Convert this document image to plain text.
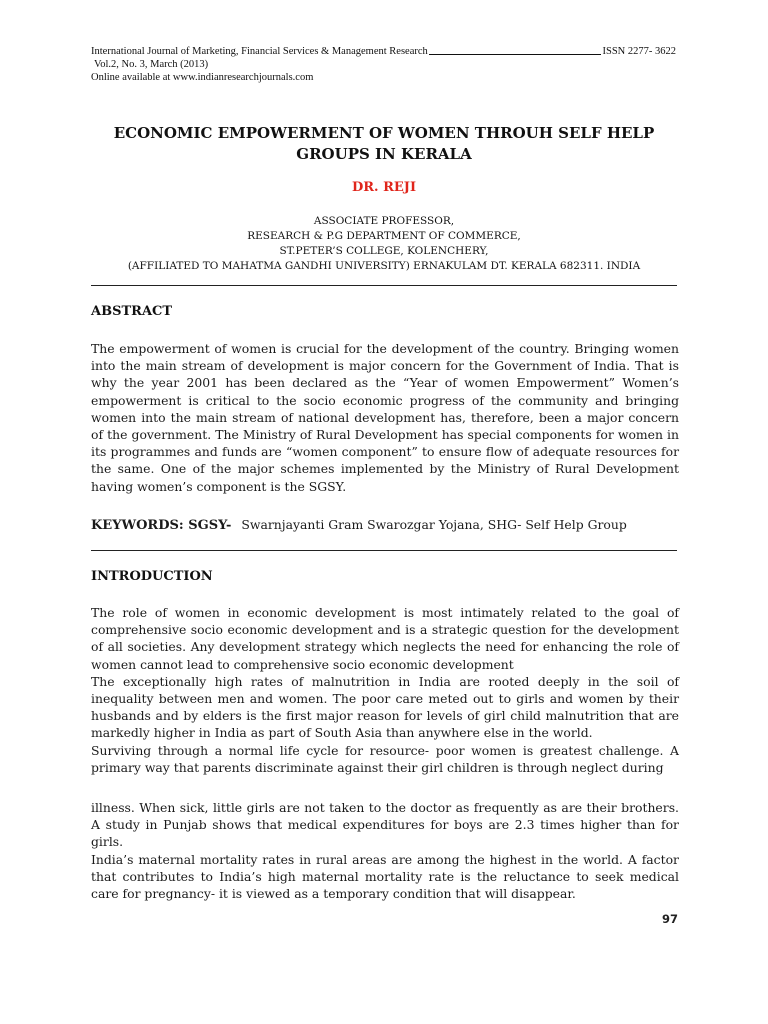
International Journal of Marketing, Financial Services & Management Research	ISSN 2277- 3622
Vol.2, No. 3, March (2013)
Online available at www.indianresearchjournals.com
ECONOMIC EMPOWERMENT OF WOMEN THROUH SELF HELP
GROUPS IN KERALA
DR. REJI
ASSOCIATE PROFESSOR,
RESEARCH & P.G DEPARTMENT OF COMMERCE,
ST.PETER’S COLLEGE, KOLENCHERY,
(AFFILIATED TO MAHATMA GANDHI UNIVERSITY) ERNAKULAM DT. KERALA 682311. INDIA
ABSTRACT
The empowerment of women is crucial for the development of the country. Bringing women into the main stream of development is major concern for the Government of India. That is why the year 2001 has been declared as the “Year of women Empowerment” Women’s empowerment is critical to the socio economic progress of the community and bringing women into the main stream of national development has, therefore, been a major concern of the government. The Ministry of Rural Development has special components for women in its programmes and funds are “women component” to ensure flow of adequate resources for the same. One of the major schemes implemented by the Ministry of Rural Development having women’s component is the SGSY.
KEYWORDS: SGSY- Swarnjayanti Gram Swarozgar Yojana, SHG- Self Help Group
INTRODUCTION

The role of women in economic development is most intimately related to the goal of comprehensive socio economic development and is a strategic question for the development of all societies. Any development strategy which neglects the need for enhancing the role of women cannot lead to comprehensive socio economic development

The exceptionally high rates of malnutrition in India are rooted deeply in the soil of inequality between men and women. The poor care meted out to girls and women by their husbands and by elders is the first major reason for levels of girl child malnutrition that are markedly higher in India as part of South Asia than anywhere else in the world.

Surviving through a normal life cycle for resource- poor women is greatest challenge. A primary way that parents discriminate against their girl children is through neglect during

illness. When sick, little girls are not taken to the doctor as frequently as are their brothers. A study in Punjab shows that medical expenditures for boys are 2.3 times higher than for girls.

India’s maternal mortality rates in rural areas are among the highest in the world. A factor that contributes to India’s high maternal mortality rate is the reluctance to seek medical care for pregnancy- it is viewed as a temporary condition that will disappear.

97
